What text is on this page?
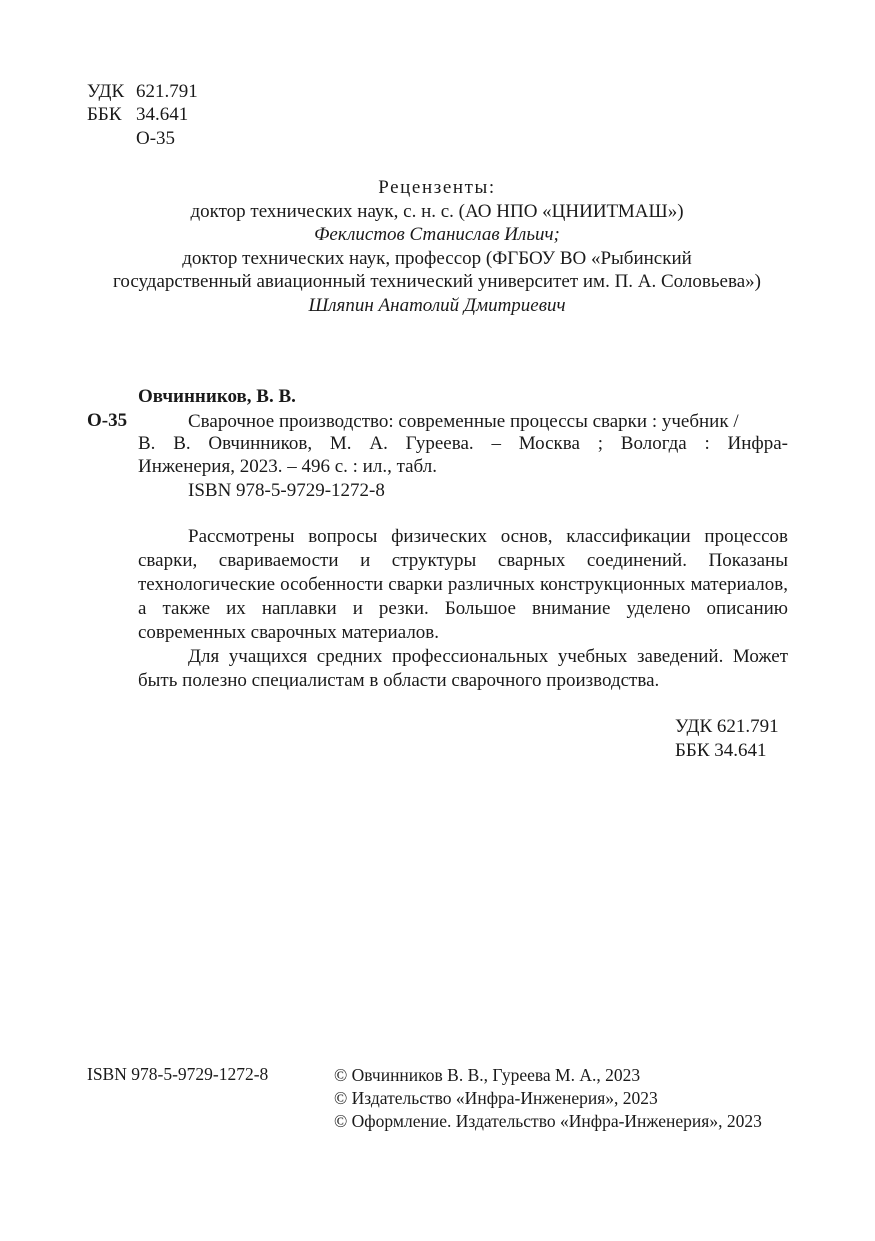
УДК 621.791
ББК 34.641
О-35
Рецензенты:
доктор технических наук, с. н. с. (АО НПО «ЦНИИТМАШ»)
Феклистов Станислав Ильич;
доктор технических наук, профессор (ФГБОУ ВО «Рыбинский
государственный авиационный технический университет им. П. А. Соловьева»)
Шляпин Анатолий Дмитриевич
Овчинников, В. В.
О-35	Сварочное производство: современные процессы сварки : учебник /
В. В. Овчинников, М. А. Гуреева. – Москва ; Вологда : Инфра-
Инженерия, 2023. – 496 с. : ил., табл.
ISBN 978-5-9729-1272-8

Рассмотрены вопросы физических основ, классификации процессов сварки, свариваемости и структуры сварных соединений. Показаны технологические особенности сварки различных конструкционных материалов, а также их наплавки и резки. Большое внимание уделено описанию современных сварочных материалов.

Для учащихся средних профессиональных учебных заведений. Может быть полезно специалистам в области сварочного производства.

УДК 621.791
ББК 34.641
ISBN 978-5-9729-1272-8	© Овчинников В. В., Гуреева М. А., 2023
© Издательство «Инфра-Инженерия», 2023
© Оформление. Издательство «Инфра-Инженерия», 2023
